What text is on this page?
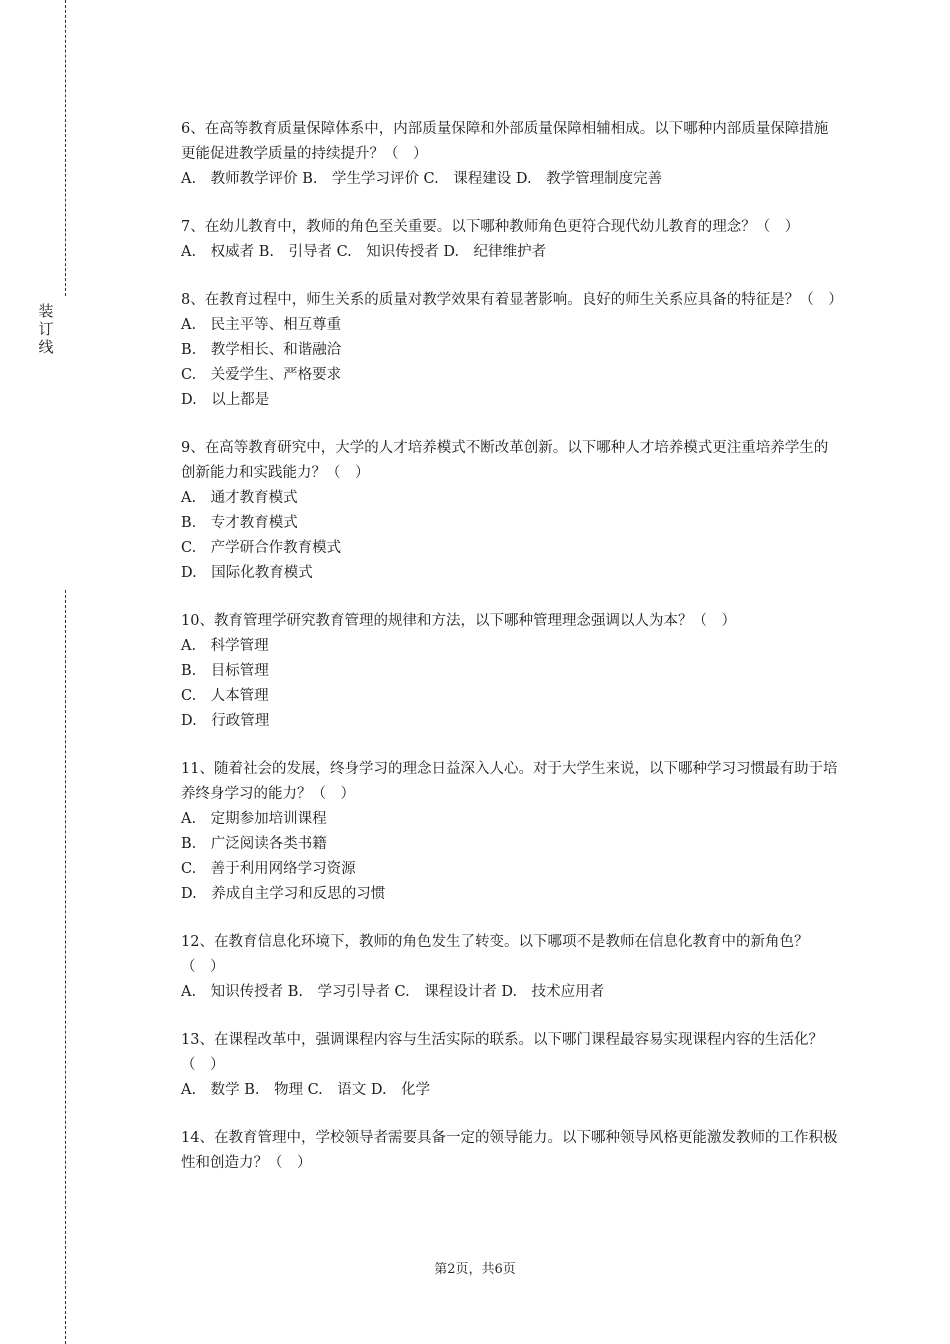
装
订
线

6、在高等教育质量保障体系中，内部质量保障和外部质量保障相辅相成。以下哪种内部质量保障措施更能促进教学质量的持续提升？（　）

A.　教师教学评价 B.　学生学习评价 C.　课程建设 D.　教学管理制度完善

7、在幼儿教育中，教师的角色至关重要。以下哪种教师角色更符合现代幼儿教育的理念？（　）

A.　权威者 B.　引导者 C.　知识传授者 D.　纪律维护者

8、在教育过程中，师生关系的质量对教学效果有着显著影响。良好的师生关系应具备的特征是？（　）

A.　民主平等、相互尊重

B.　教学相长、和谐融洽

C.　关爱学生、严格要求

D.　以上都是

9、在高等教育研究中，大学的人才培养模式不断改革创新。以下哪种人才培养模式更注重培养学生的创新能力和实践能力？（　）

A.　通才教育模式

B.　专才教育模式

C.　产学研合作教育模式

D.　国际化教育模式

10、教育管理学研究教育管理的规律和方法，以下哪种管理理念强调以人为本？（　）

A.　科学管理

B.　目标管理

C.　人本管理

D.　行政管理

11、随着社会的发展，终身学习的理念日益深入人心。对于大学生来说，以下哪种学习习惯最有助于培养终身学习的能力？（　）

A.　定期参加培训课程

B.　广泛阅读各类书籍

C.　善于利用网络学习资源

D.　养成自主学习和反思的习惯

12、在教育信息化环境下，教师的角色发生了转变。以下哪项不是教师在信息化教育中的新角色？（　）

A.　知识传授者 B.　学习引导者 C.　课程设计者 D.　技术应用者

13、在课程改革中，强调课程内容与生活实际的联系。以下哪门课程最容易实现课程内容的生活化？（　）

A.　数学 B.　物理 C.　语文 D.　化学

14、在教育管理中，学校领导者需要具备一定的领导能力。以下哪种领导风格更能激发教师的工作积极性和创造力？（　）

第2页，共6页
